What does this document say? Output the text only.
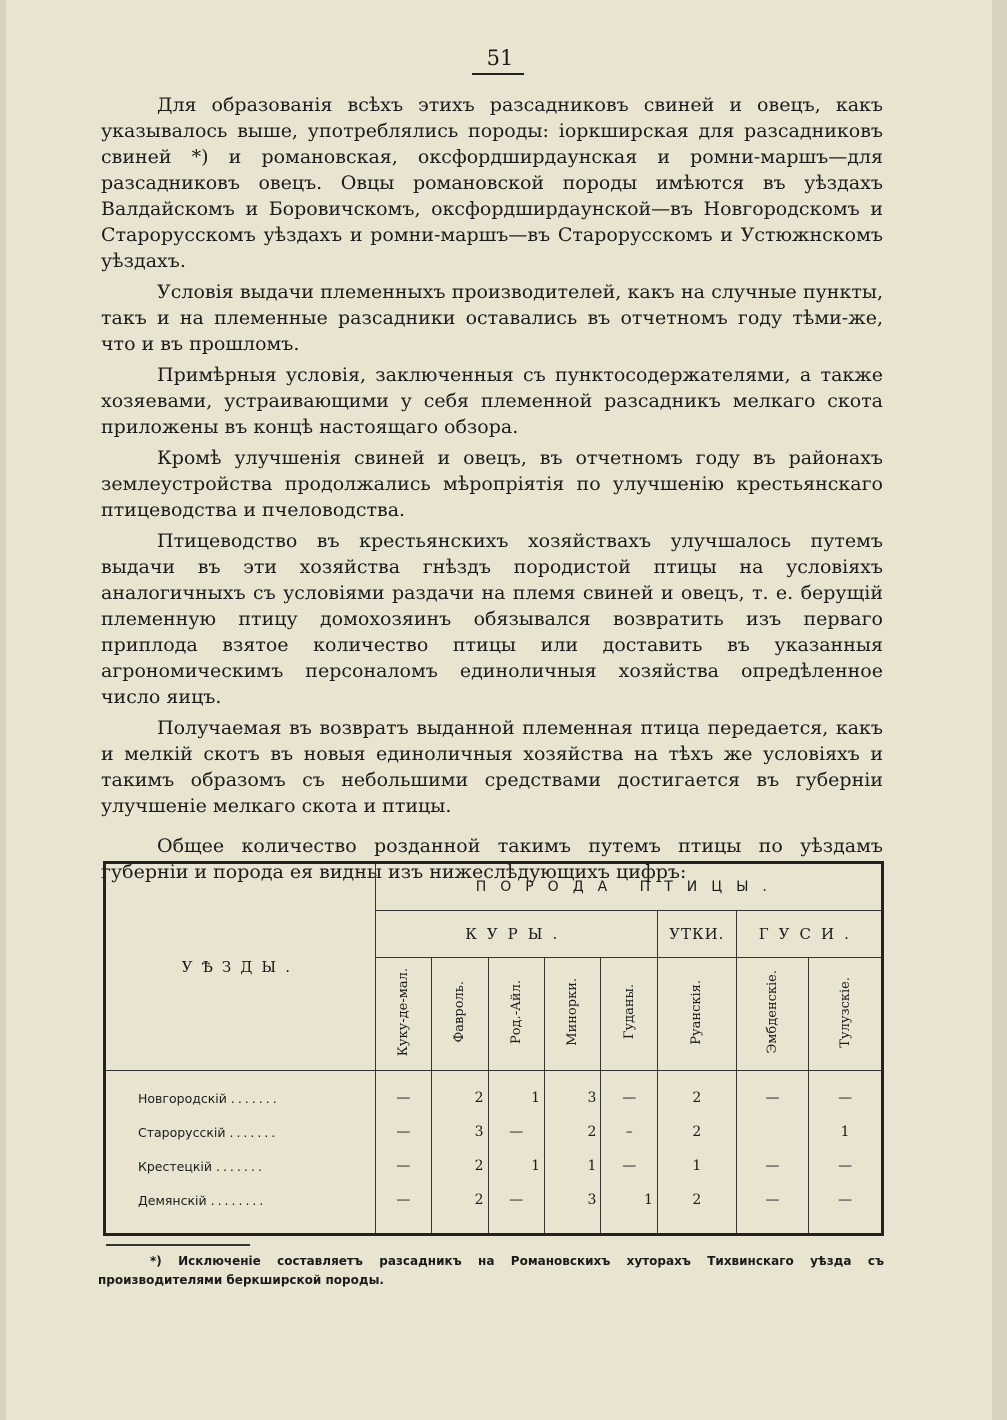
51

Для образованія всѣхъ этихъ разсадниковъ свиней и овецъ, какъ указывалось выше, употреблялись породы: іоркширская для разсадниковъ свиней *) и романовская, оксфордширдаунская и ромни-маршъ—для разсадниковъ овецъ. Овцы романовской породы имѣются въ уѣздахъ Валдайскомъ и Боровичскомъ, оксфордширдаунской—въ Новгородскомъ и Старорусскомъ уѣздахъ и ромни-маршъ—въ Старорусскомъ и Устюжнскомъ уѣздахъ.

Условія выдачи племенныхъ производителей, какъ на случные пункты, такъ и на племенные разсадники оставались въ отчетномъ году тѣми-же, что и въ прошломъ.

Примѣрныя условія, заключенныя съ пунктосодержателями, а также хозяевами, устраивающими у себя племенной разсадникъ мелкаго скота приложены въ концѣ настоящаго обзора.

Кромѣ улучшенія свиней и овецъ, въ отчетномъ году въ районахъ землеустройства продолжались мѣропріятія по улучшенію крестьянскаго птицеводства и пчеловодства.

Птицеводство въ крестьянскихъ хозяйствахъ улучшалось путемъ выдачи въ эти хозяйства гнѣздъ породистой птицы на условіяхъ аналогичныхъ съ условіями раздачи на племя свиней и овецъ, т. е. берущій племенную птицу домохозяинъ обязывался возвратить изъ перваго приплода взятое количество птицы или доставить въ указанныя агрономическимъ персоналомъ единоличныя хозяйства опредѣленное число яицъ.

Получаемая въ возвратъ выданной племенная птица передается, какъ и мелкій скотъ въ новыя единоличныя хозяйства на тѣхъ же условіяхъ и такимъ образомъ съ небольшими средствами достигается въ губерніи улучшеніе мелкаго скота и птицы.

Общее количество розданной такимъ путемъ птицы по уѣздамъ губерніи и порода ея видны изъ нижеслѣдующихъ цифръ:

УѢЗДЫ.	ПОРОДА ПТИЦЫ.							
	КУРЫ.					УТКИ.	ГУСИ.	
	Куку-де-мал.	Фавроль.	Род.-Айл.	Минорки.	Гуданы.	Руанскія.	Эмбденскіе.	Тулузскіе.
Новгородскій .......	—	2	1	3	—	2	—	—
Старорусскій .......	—	3	—	2	–	2		1
Крестецкій .......	—	2	1	1	—	1	—	—
Демянскій ........	—	2	—	3	1	2	—	—

*) Исключеніе составляетъ разсадникъ на Романовскихъ хуторахъ Тихвинскаго уѣзда съ производителями беркширской породы.
